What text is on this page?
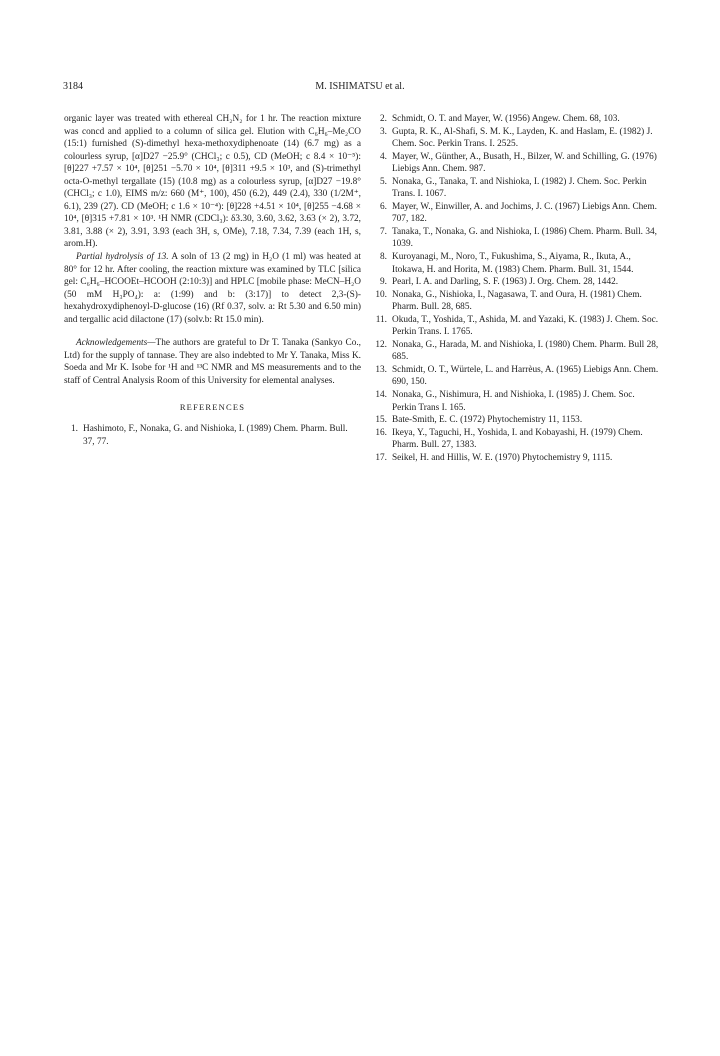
3184	M. ISHIMATSU et al.

organic layer was treated with ethereal CH₂N₂ for 1 hr. The reaction mixture was concd and applied to a column of silica gel. Elution with C₆H₆–Me₂CO (15:1) furnished (S)-dimethyl hexa-methoxydiphenoate (14) (6.7 mg) as a colourless syrup, [α]D27 −25.9° (CHCl₃; c 0.5), CD (MeOH; c 8.4 × 10⁻⁵): [θ]227 +7.57 × 10⁴, [θ]251 −5.70 × 10⁴, [θ]311 +9.5 × 10³, and (S)-trimethyl octa-O-methyl tergallate (15) (10.8 mg) as a colourless syrup, [α]D27 −19.8° (CHCl₃; c 1.0), EIMS m/z: 660 (M⁺, 100), 450 (6.2), 449 (2.4), 330 (1/2M⁺, 6.1), 239 (27). CD (MeOH; c 1.6 × 10⁻⁴): [θ]228 +4.51 × 10⁴, [θ]255 −4.68 × 10⁴, [θ]315 +7.81 × 10³. ¹H NMR (CDCl₃): δ3.30, 3.60, 3.62, 3.63 (× 2), 3.72, 3.81, 3.88 (× 2), 3.91, 3.93 (each 3H, s, OMe), 7.18, 7.34, 7.39 (each 1H, s, arom.H).

Partial hydrolysis of 13. A soln of 13 (2 mg) in H₂O (1 ml) was heated at 80° for 12 hr. After cooling, the reaction mixture was examined by TLC [silica gel: C₆H₆–HCOOEt–HCOOH (2:10:3)] and HPLC [mobile phase: MeCN–H₂O (50 mM H₃PO₄): a: (1:99) and b: (3:17)] to detect 2,3-(S)-hexahydroxydiphenoyl-D-glucose (16) (Rf 0.37, solv. a: Rt 5.30 and 6.50 min) and tergallic acid dilactone (17) (solv.b: Rt 15.0 min).

Acknowledgements—The authors are grateful to Dr T. Tanaka (Sankyo Co., Ltd) for the supply of tannase. They are also indebted to Mr Y. Tanaka, Miss K. Soeda and Mr K. Isobe for ¹H and ¹³C NMR and MS measurements and to the staff of Central Analysis Room of this University for elemental analyses.

REFERENCES
1. Hashimoto, F., Nonaka, G. and Nishioka, I. (1989) Chem. Pharm. Bull. 37, 77.
2. Schmidt, O. T. and Mayer, W. (1956) Angew. Chem. 68, 103.
3. Gupta, R. K., Al-Shafi, S. M. K., Layden, K. and Haslam, E. (1982) J. Chem. Soc. Perkin Trans. I. 2525.
4. Mayer, W., Günther, A., Busath, H., Bilzer, W. and Schilling, G. (1976) Liebigs Ann. Chem. 987.
5. Nonaka, G., Tanaka, T. and Nishioka, I. (1982) J. Chem. Soc. Perkin Trans. I. 1067.
6. Mayer, W., Einwiller, A. and Jochims, J. C. (1967) Liebigs Ann. Chem. 707, 182.
7. Tanaka, T., Nonaka, G. and Nishioka, I. (1986) Chem. Pharm. Bull. 34, 1039.
8. Kuroyanagi, M., Noro, T., Fukushima, S., Aiyama, R., Ikuta, A., Itokawa, H. and Horita, M. (1983) Chem. Pharm. Bull. 31, 1544.
9. Pearl, I. A. and Darling, S. F. (1963) J. Org. Chem. 28, 1442.
10. Nonaka, G., Nishioka, I., Nagasawa, T. and Oura, H. (1981) Chem. Pharm. Bull. 28, 685.
11. Okuda, T., Yoshida, T., Ashida, M. and Yazaki, K. (1983) J. Chem. Soc. Perkin Trans. I. 1765.
12. Nonaka, G., Harada, M. and Nishioka, I. (1980) Chem. Pharm. Bull 28, 685.
13. Schmidt, O. T., Würtele, L. and Harrèus, A. (1965) Liebigs Ann. Chem. 690, 150.
14. Nonaka, G., Nishimura, H. and Nishioka, I. (1985) J. Chem. Soc. Perkin Trans I. 165.
15. Bate-Smith, E. C. (1972) Phytochemistry 11, 1153.
16. Ikeya, Y., Taguchi, H., Yoshida, I. and Kobayashi, H. (1979) Chem. Pharm. Bull. 27, 1383.
17. Seikel, H. and Hillis, W. E. (1970) Phytochemistry 9, 1115.
